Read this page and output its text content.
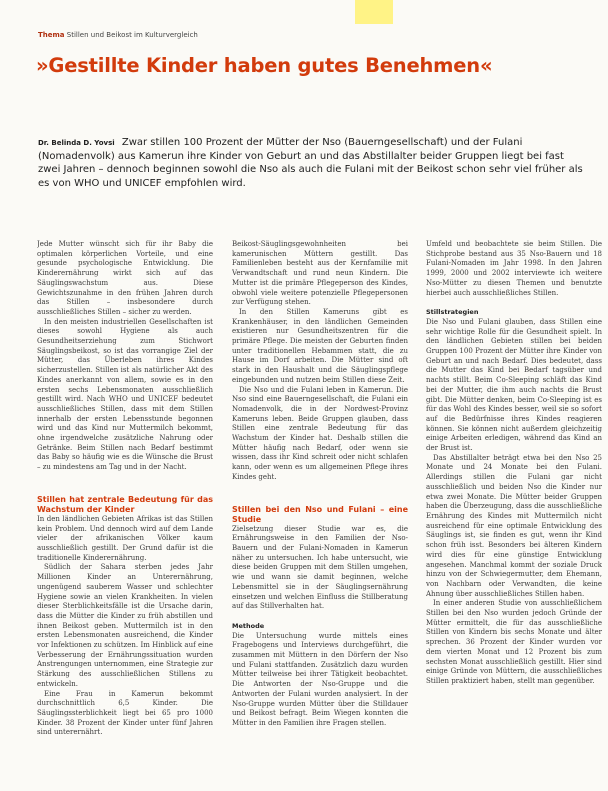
Thema Stillen und Beikost im Kulturvergleich
»Gestillte Kinder haben gutes Benehmen«

Dr. Belinda D. Yovsi Zwar stillen 100 Prozent der Mütter der Nso (Bauerngesellschaft) und der Fulani (Nomadenvolk) aus Kamerun ihre Kinder von Geburt an und das Abstillalter beider Gruppen liegt bei fast zwei Jahren – dennoch beginnen sowohl die Nso als auch die Fulani mit der Beikost schon sehr viel früher als es von WHO und UNICEF empfohlen wird.

Jede Mutter wünscht sich für ihr Baby die optimalen körperlichen Vorteile, und eine gesunde psychologische Entwicklung. Die Kinderernährung wirkt sich auf das Säuglingswachstum aus. Diese Gewichtszunahme in den frühen Jahren durch das Stillen – insbesondere durch ausschließliches Stillen – sicher zu werden.

In den meisten industriellen Gesellschaften ist dieses sowohl Hygiene als auch Gesundheitserziehung zum Stichwort Säuglingsbeikost, so ist das vorrangige Ziel der Mütter, das Überleben ihres Kindes sicherzustellen. Stillen ist als natürlicher Akt des Kindes anerkannt von allem, sowie es in den ersten sechs Lebensmonaten ausschließlich gestillt wird. Nach WHO und UNICEF bedeutet ausschließliches Stillen, dass mit dem Stillen innerhalb der ersten Lebensstunde begonnen wird und das Kind nur Muttermilch bekommt, ohne irgendwelche zusätzliche Nahrung oder Getränke. Beim Stillen nach Bedarf bestimmt das Baby so häufig wie es die Wünsche die Brust – zu mindestens am Tag und in der Nacht.

Stillen hat zentrale Bedeutung für das Wachstum der Kinder

In den ländlichen Gebieten Afrikas ist das Stillen kein Problem. Und dennoch wird auf dem Lande vieler der afrikanischen Völker kaum ausschließlich gestillt. Der Grund dafür ist die traditionelle Kinderernährung.

Südlich der Sahara sterben jedes Jahr Millionen Kinder an Unterernährung, ungenügend sauberem Wasser und schlechter Hygiene sowie an vielen Krankheiten. In vielen dieser Sterblichkeitsfälle ist die Ursache darin, dass die Mütter die Kinder zu früh abstillen und ihnen Beikost geben. Muttermilch ist in den ersten Lebensmonaten ausreichend, die Kinder vor Infektionen zu schützen. Im Hinblick auf eine Verbesserung der Ernährungssituation wurden Anstrengungen unternommen, eine Strategie zur Stärkung des ausschließlichen Stillens zu entwickeln.

Eine Frau in Kamerun bekommt durchschnittlich 6,5 Kinder. Die Säuglingssterblichkeit liegt bei 65 pro 1000 Kinder. 38 Prozent der Kinder unter fünf Jahren sind unterernährt.

Beikost-Säuglingsgewohnheiten bei kamerunischen Müttern gestillt. Das Familienleben besteht aus der Kernfamilie mit Verwandtschaft und rund neun Kindern. Die Mutter ist die primäre Pflegeperson des Kindes, obwohl viele weitere potenzielle Pflegepersonen zur Verfügung stehen.

In den Stillen Kameruns gibt es Krankenhäuser, in den ländlichen Gemeinden existieren nur Gesundheitszentren für die primäre Pflege. Die meisten der Geburten finden unter traditionellen Hebammen statt, die zu Hause im Dorf arbeiten. Die Mütter sind oft stark in den Haushalt und die Säuglingspflege eingebunden und nutzen beim Stillen diese Zeit.

Die Nso und die Fulani leben in Kamerun. Die Nso sind eine Bauerngesellschaft, die Fulani ein Nomadenvolk, die in der Nordwest-Provinz Kameruns leben. Beide Gruppen glauben, dass Stillen eine zentrale Bedeutung für das Wachstum der Kinder hat. Deshalb stillen die Mütter häufig nach Bedarf, oder wenn sie wissen, dass ihr Kind schreit oder nicht schlafen kann, oder wenn es um allgemeinen Pflege ihres Kindes geht.

Stillen bei den Nso und Fulani – eine Studie

Zielsetzung dieser Studie war es, die Ernährungsweise in den Familien der Nso-Bauern und der Fulani-Nomaden in Kamerun näher zu untersuchen. Ich habe untersucht, wie diese beiden Gruppen mit dem Stillen umgehen, wie und wann sie damit beginnen, welche Lebensmittel sie in der Säuglingsernährung einsetzen und welchen Einfluss die Stillberatung auf das Stillverhalten hat.

Methode

Die Untersuchung wurde mittels eines Fragebogens und Interviews durchgeführt, die zusammen mit Müttern in den Dörfern der Nso und Fulani stattfanden. Zusätzlich dazu wurden Mütter teilweise bei ihrer Tätigkeit beobachtet. Die Antworten der Nso-Gruppe und die Antworten der Fulani wurden analysiert. In der Nso-Gruppe wurden Mütter über die Stilldauer und Beikost befragt. Beim Wiegen konnten die Mütter in den Familien ihre Fragen stellen.

Umfeld und beobachtete sie beim Stillen. Die Stichprobe bestand aus 35 Nso-Bauern und 18 Fulani-Nomaden im Jahr 1998. In den Jahren 1999, 2000 und 2002 interviewte ich weitere Nso-Mütter zu diesen Themen und benutzte hierbei auch ausschließliches Stillen.

Stillstrategien

Die Nso und Fulani glauben, dass Stillen eine sehr wichtige Rolle für die Gesundheit spielt. In den ländlichen Gebieten stillen bei beiden Gruppen 100 Prozent der Mütter ihre Kinder von Geburt an und nach Bedarf. Dies bedeutet, dass die Mutter das Kind bei Bedarf tagsüber und nachts stillt. Beim Co-Sleeping schläft das Kind bei der Mutter, die ihm auch nachts die Brust gibt. Die Mütter denken, beim Co-Sleeping ist es für das Wohl des Kindes besser, weil sie so sofort auf die Bedürfnisse ihres Kindes reagieren können. Sie können nicht außerdem gleichzeitig einige Arbeiten erledigen, während das Kind an der Brust ist.

Das Abstillalter beträgt etwa bei den Nso 25 Monate und 24 Monate bei den Fulani. Allerdings stillen die Fulani gar nicht ausschließlich und beiden Nso die Kinder nur etwa zwei Monate. Die Mütter beider Gruppen haben die Überzeugung, dass die ausschließliche Ernährung des Kindes mit Muttermilch nicht ausreichend für eine optimale Entwicklung des Säuglings ist, sie finden es gut, wenn ihr Kind schon früh isst. Besonders bei älteren Kindern wird dies für eine günstige Entwicklung angesehen. Manchmal kommt der soziale Druck hinzu von der Schwiegermutter, dem Ehemann, von Nachbarn oder Verwandten, die keine Ahnung über ausschließliches Stillen haben.

In einer anderen Studie von ausschließlichem Stillen bei den Nso wurden jedoch Gründe der Mütter ermittelt, die für das ausschließliche Stillen von Kindern bis sechs Monate und älter sprechen. 36 Prozent der Kinder wurden vor dem vierten Monat und 12 Prozent bis zum sechsten Monat ausschließlich gestillt. Hier sind einige Gründe von Müttern, die ausschließliches Stillen praktiziert haben, stellt man gegenüber.
